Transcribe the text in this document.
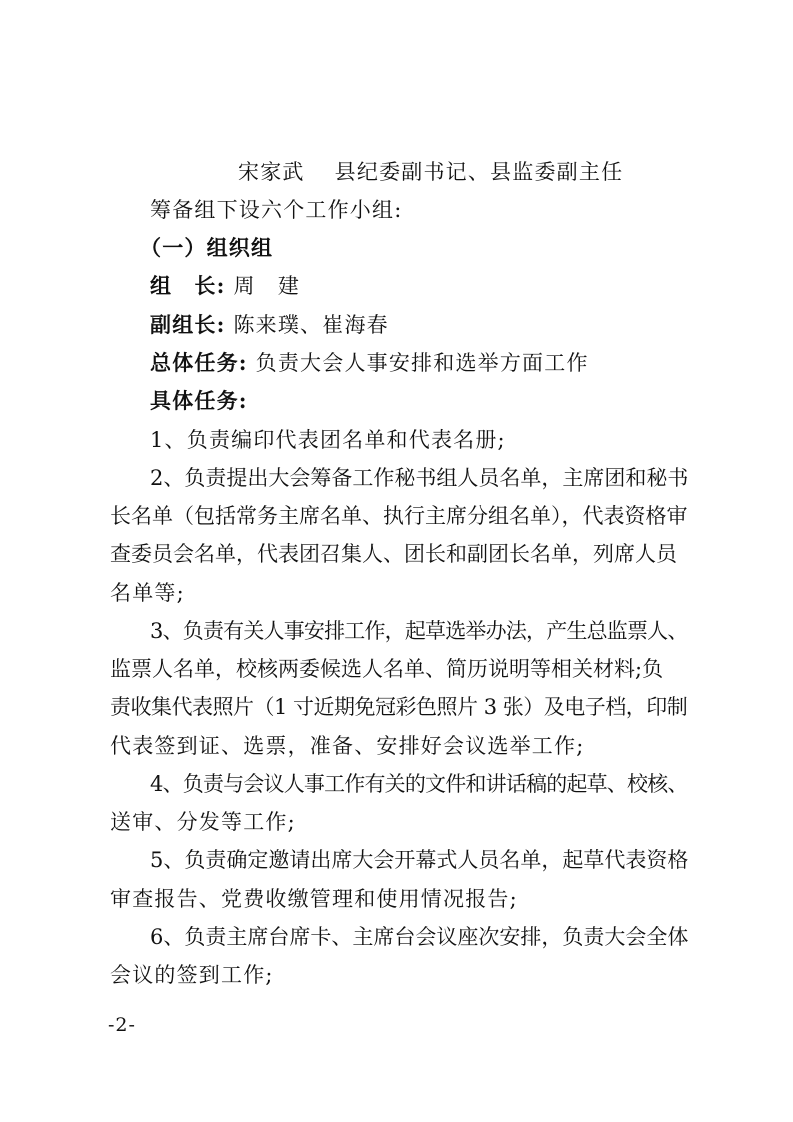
宋家武　 县纪委副书记、县监委副主任
筹备组下设六个工作小组:
（一）组织组
组　长: 周　建
副组长: 陈来璞、崔海春
总体任务: 负责大会人事安排和选举方面工作
具体任务:
1、负责编印代表团名单和代表名册;
2、负责提出大会筹备工作秘书组人员名单，主席团和秘书
长名单（包括常务主席名单、执行主席分组名单），代表资格审
查委员会名单，代表团召集人、团长和副团长名单，列席人员
名单等;
3、负责有关人事安排工作，起草选举办法，产生总监票人、
监票人名单，校核两委候选人名单、简历说明等相关材料;负
责收集代表照片（1 寸近期免冠彩色照片 3 张）及电子档，印制
代表签到证、选票，准备、安排好会议选举工作;
4、负责与会议人事工作有关的文件和讲话稿的起草、校核、
送审、分发等工作;
5、负责确定邀请出席大会开幕式人员名单，起草代表资格
审查报告、党费收缴管理和使用情况报告;
6、负责主席台席卡、主席台会议座次安排，负责大会全体
会议的签到工作;
-2-
